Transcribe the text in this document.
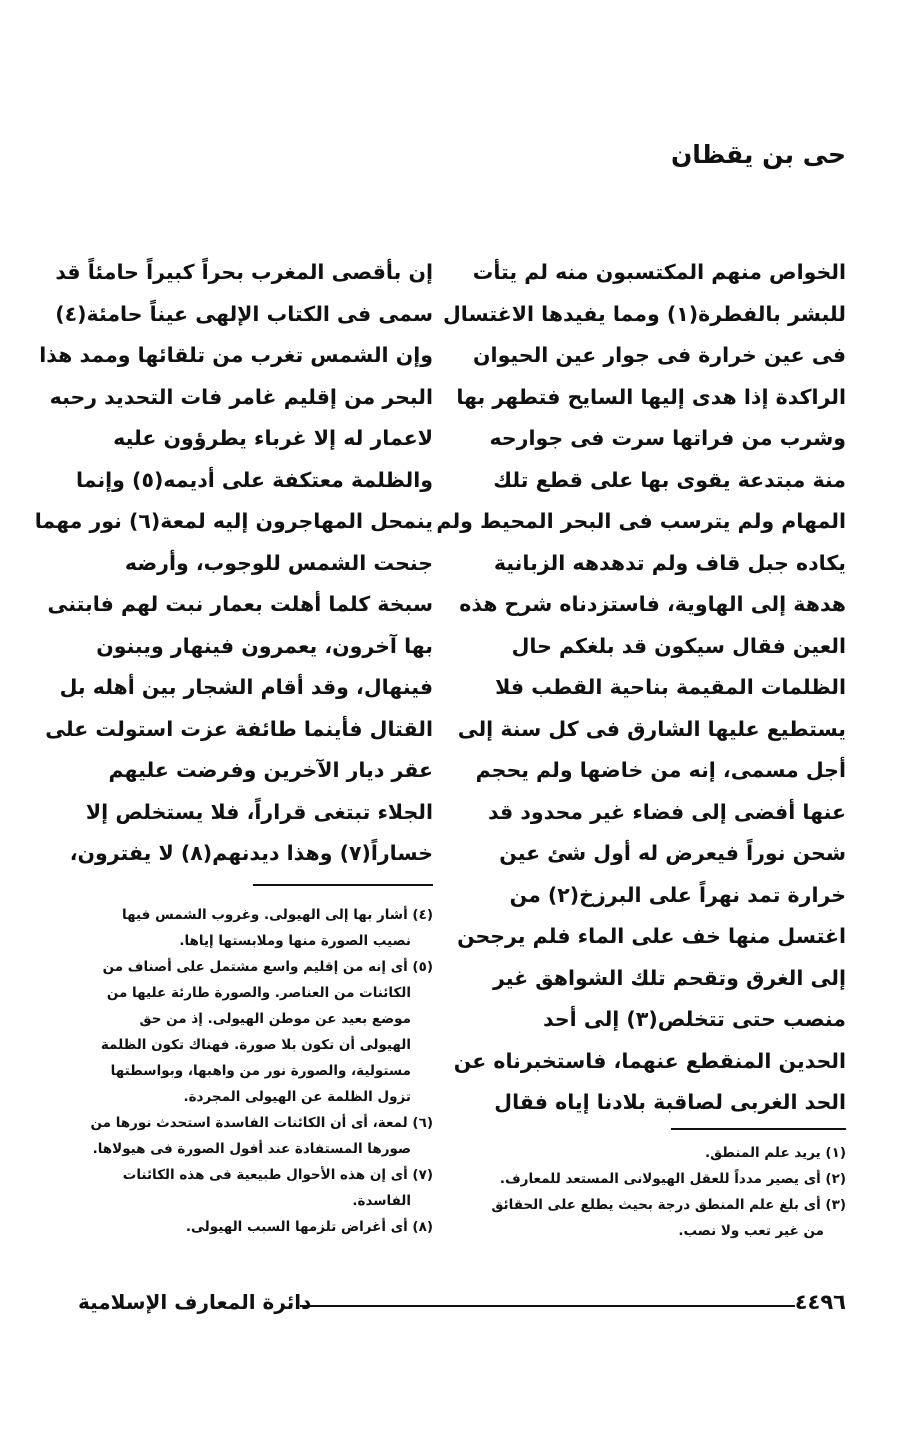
حى بن يقظان
الخواص منهم المكتسبون منه لم يتأت
للبشر بالفطرة(١) ومما يفيدها الاغتسال
فى عين خرارة فى جوار عين الحيوان
الراكدة إذا هدى إليها السايح فتطهر بها
وشرب من فراتها سرت فى جوارحه
منة مبتدعة يقوى بها على قطع تلك
المهام ولم يترسب فى البحر المحيط ولم
يكاده جبل قاف ولم تدهدهه الزبانية
هدهة إلى الهاوية، فاستزدناه شرح هذه
العين فقال سيكون قد بلغكم حال
الظلمات المقيمة بناحية القطب فلا
يستطيع عليها الشارق فى كل سنة إلى
أجل مسمى، إنه من خاضها ولم يحجم
عنها أفضى إلى فضاء غير محدود قد
شحن نوراً فيعرض له أول شئ عين
خرارة تمد نهراً على البرزخ(٢) من
اغتسل منها خف على الماء فلم يرجحن
إلى الغرق وتقحم تلك الشواهق غير
منصب حتى تتخلص(٣) إلى أحد
الحدين المنقطع عنهما، فاستخبرناه عن
الحد الغربى لصاقبة بلادنا إياه فقال
إن بأقصى المغرب بحراً كبيراً حامئاً قد
سمى فى الكتاب الإلهى عيناً حامئة(٤)
وإن الشمس تغرب من تلقائها وممد هذا
البحر من إقليم غامر فات التحديد رحبه
لاعمار له إلا غرباء يطرؤون عليه
والظلمة معتكفة على أديمه(٥) وإنما
ينمحل المهاجرون إليه لمعة(٦) نور مهما
جنحت الشمس للوجوب، وأرضه
سبخة كلما أهلت بعمار نبت لهم فابتنى
بها آخرون، يعمرون فينهار ويبنون
فينهال، وقد أقام الشجار بين أهله بل
القتال فأينما طائفة عزت استولت على
عقر ديار الآخرين وفرضت عليهم
الجلاء تبتغى قراراً، فلا يستخلص إلا
خساراً(٧) وهذا ديدنهم(٨) لا يفترون،
(٤) أشار بها إلى الهيولى. وغروب الشمس فيها
نصيب الصورة منها وملابستها إياها.
(٥) أى إنه من إقليم واسع مشتمل على أصناف من
الكائنات من العناصر. والصورة طارئة عليها من
موضع بعيد عن موطن الهيولى. إذ من حق
الهيولى أن تكون بلا صورة. فهناك تكون الظلمة
مستولية، والصورة نور من واهبها، وبواسطتها
تزول الظلمة عن الهيولى المجردة.
(٦) لمعة، أى أن الكائنات الفاسدة استحدث نورها من
صورها المستفادة عند أفول الصورة فى هيولاها.
(٧) أى إن هذه الأحوال طبيعية فى هذه الكائنات
الفاسدة.
(٨) أى أغراض تلزمها السبب الهيولى.
(١) يريد علم المنطق.
(٢) أى يصير مدداً للعقل الهيولانى المستعد للمعارف.
(٣) أى بلغ علم المنطق درجة بحيث يطلع على الحقائق
من غير تعب ولا نصب.
دائرة المعارف الإسلامية	٤٤٩٦
